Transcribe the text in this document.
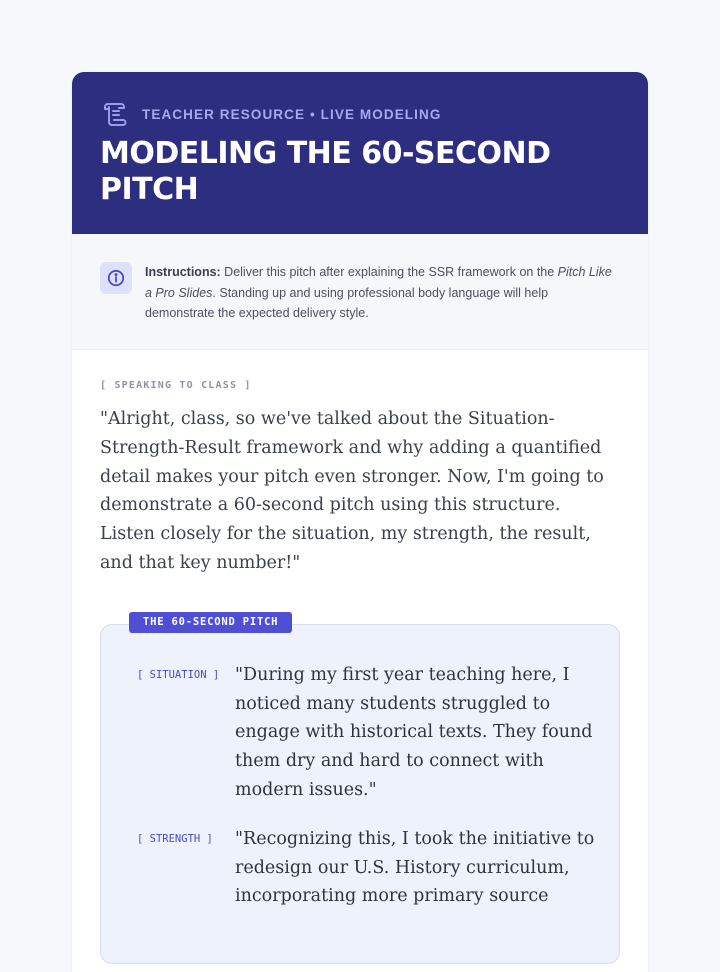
TEACHER RESOURCE • LIVE MODELING
MODELING THE 60-SECOND PITCH
Instructions: Deliver this pitch after explaining the SSR framework on the Pitch Like a Pro Slides. Standing up and using professional body language will help demonstrate the expected delivery style.
[ SPEAKING TO CLASS ]

"Alright, class, so we've talked about the Situation-Strength-Result framework and why adding a quantified detail makes your pitch even stronger. Now, I'm going to demonstrate a 60-second pitch using this structure. Listen closely for the situation, my strength, the result, and that key number!"

THE 60-SECOND PITCH
[ SITUATION ] "During my first year teaching here, I noticed many students struggled to engage with historical texts. They found them dry and hard to connect with modern issues."
[ STRENGTH ]	"Recognizing this, I took the initiative to redesign our U.S. History curriculum, incorporating more primary source
